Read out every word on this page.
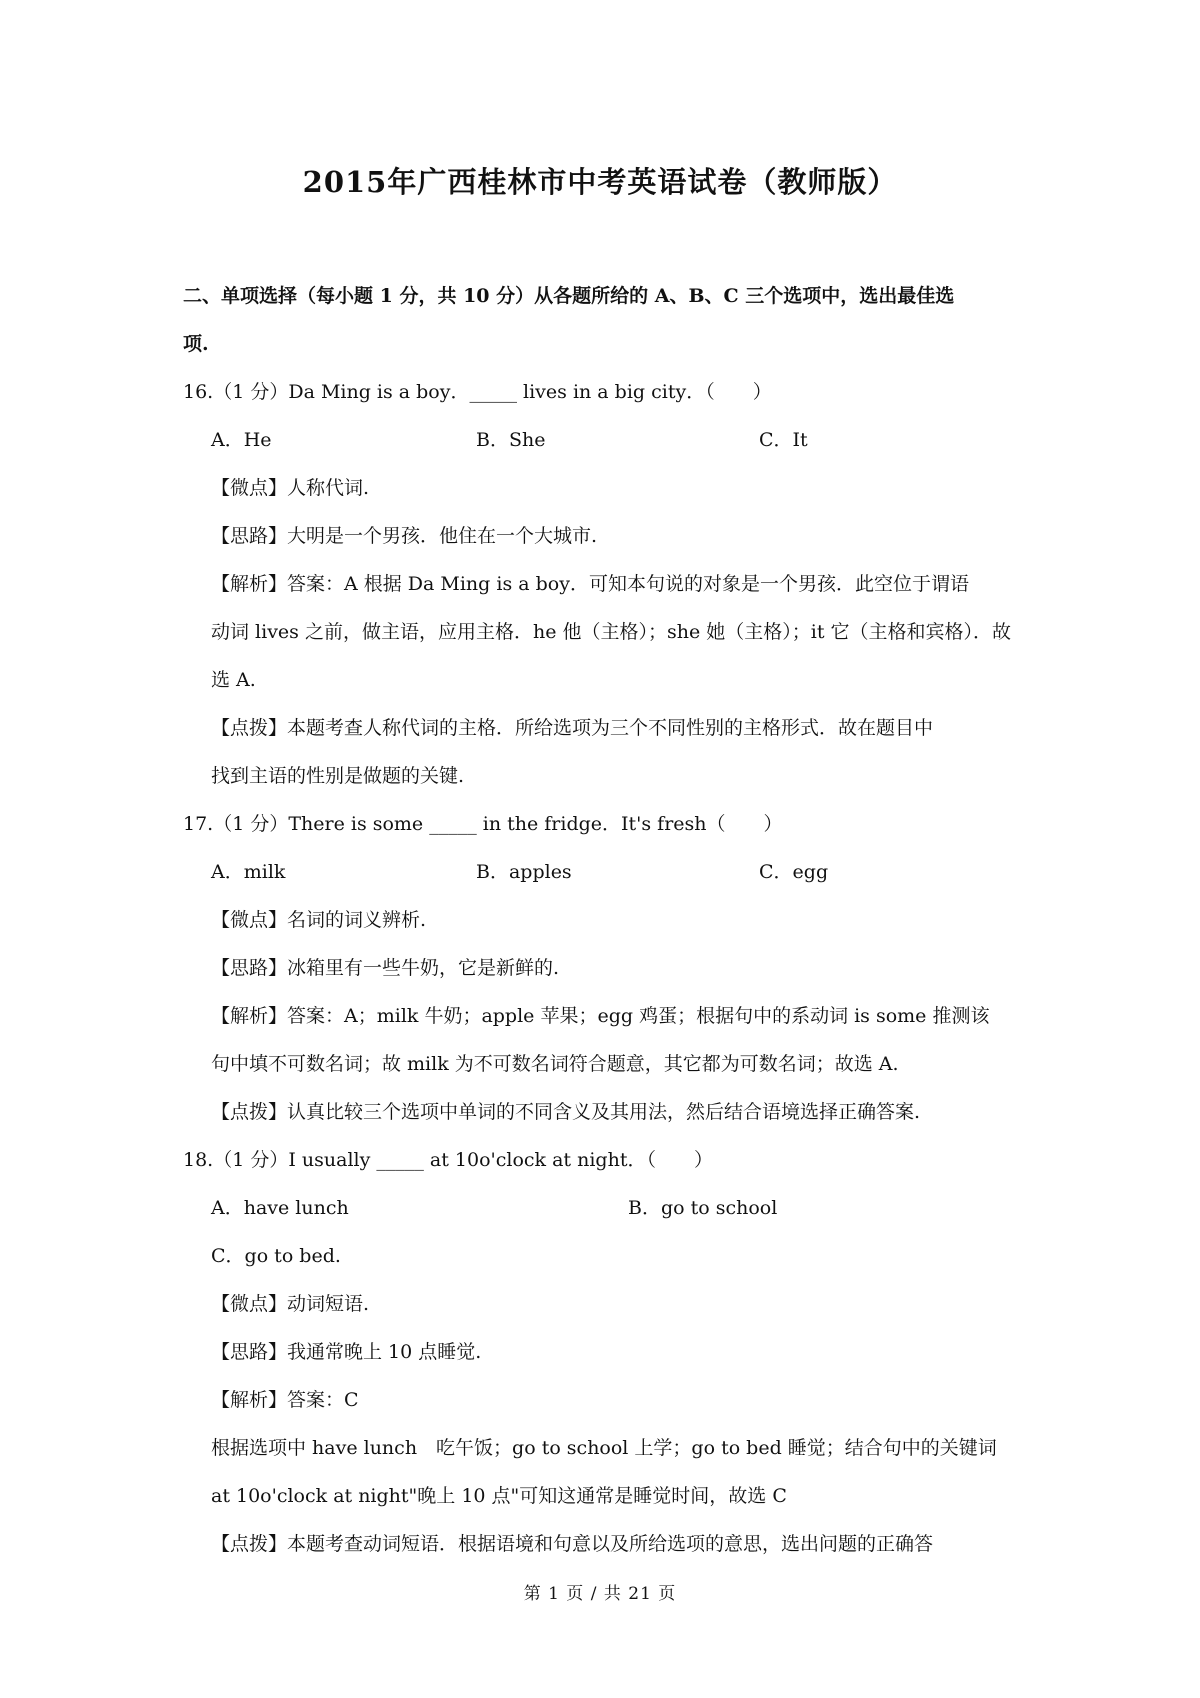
2015年广西桂林市中考英语试卷（教师版）
二、单项选择（每小题 1 分，共 10 分）从各题所给的 A、B、C 三个选项中，选出最佳选
项.
16.（1 分）Da Ming is a boy．_____ lives in a big city．（　　）
A．He	B．She	C．It
【微点】人称代词.
【思路】大明是一个男孩．他住在一个大城市.
【解析】答案：A 根据 Da Ming is a boy．可知本句说的对象是一个男孩．此空位于谓语
动词 lives 之前，做主语，应用主格．he 他（主格）；she 她（主格）；it 它（主格和宾格）．故
选 A.
【点拨】本题考查人称代词的主格．所给选项为三个不同性别的主格形式．故在题目中
找到主语的性别是做题的关键.
17.（1 分）There is some _____ in the fridge．It's fresh（　　）
A．milk	B．apples	C．egg
【微点】名词的词义辨析.
【思路】冰箱里有一些牛奶，它是新鲜的.
【解析】答案：A；milk 牛奶；apple 苹果；egg 鸡蛋；根据句中的系动词 is some 推测该
句中填不可数名词；故 milk 为不可数名词符合题意，其它都为可数名词；故选 A.
【点拨】认真比较三个选项中单词的不同含义及其用法，然后结合语境选择正确答案.
18.（1 分）I usually _____ at 10o'clock at night．（　　）
A．have lunch	B．go to school
C．go to bed.
【微点】动词短语.
【思路】我通常晚上 10 点睡觉.
【解析】答案：C
根据选项中 have lunch　吃午饭；go to school 上学；go to bed 睡觉；结合句中的关键词
at 10o'clock at night"晚上 10 点"可知这通常是睡觉时间，故选 C
【点拨】本题考查动词短语．根据语境和句意以及所给选项的意思，选出问题的正确答
第 1 页 / 共 21 页
